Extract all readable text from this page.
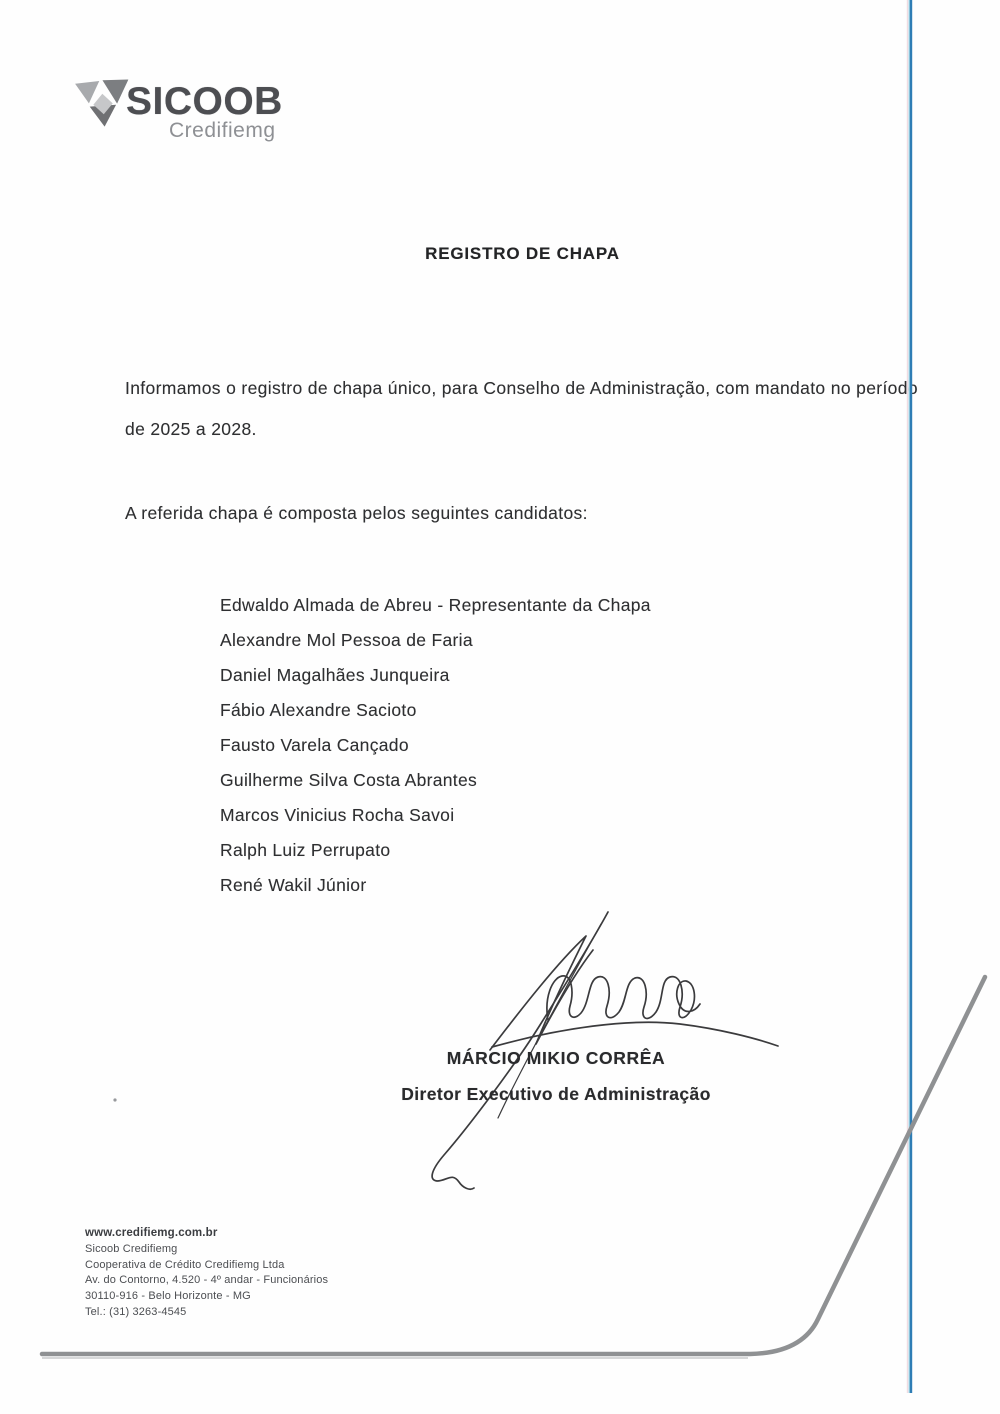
SICOOB
Credifiemg
REGISTRO DE CHAPA
Informamos o registro de chapa único, para Conselho de Administração, com mandato no período de 2025 a 2028.
A referida chapa é composta pelos seguintes candidatos:
Edwaldo Almada de Abreu - Representante da Chapa
Alexandre Mol Pessoa de Faria
Daniel Magalhães Junqueira
Fábio Alexandre Sacioto
Fausto Varela Cançado
Guilherme Silva Costa Abrantes
Marcos Vinicius Rocha Savoi
Ralph Luiz Perrupato
René Wakil Júnior
MÁRCIO MIKIO CORRÊA
Diretor Executivo de Administração
www.credifiemg.com.br
Sicoob Credifiemg
Cooperativa de Crédito Credifiemg Ltda
Av. do Contorno, 4.520 - 4º andar - Funcionários
30110-916 - Belo Horizonte - MG
Tel.: (31) 3263-4545
